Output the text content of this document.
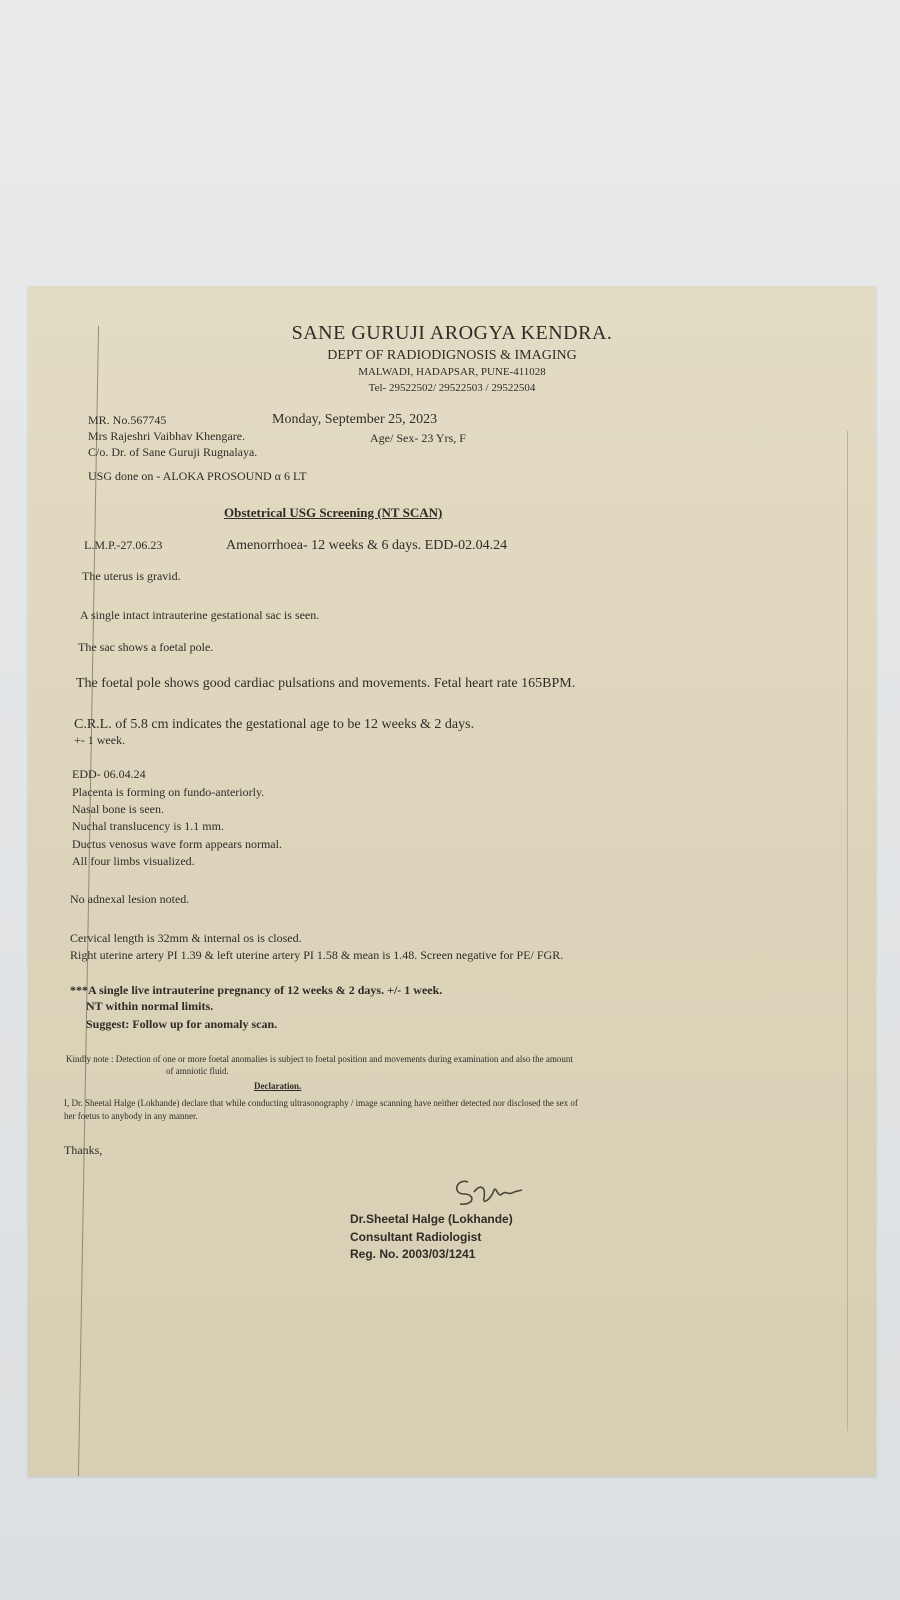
SANE GURUJI AROGYA KENDRA.
DEPT OF RADIODIGNOSIS & IMAGING
MALWADI, HADAPSAR, PUNE-411028
Tel- 29522502/ 29522503 / 29522504
MR. No.567745	Monday, September 25, 2023
Mrs Rajeshri Vaibhav Khengare.	Age/ Sex- 23 Yrs, F
C/o. Dr. of Sane Guruji Rugnalaya.
USG done on - ALOKA PROSOUND α 6 LT
Obstetrical USG Screening (NT SCAN)
L.M.P.-27.06.23	Amenorrhoea- 12 weeks & 6 days. EDD-02.04.24
The uterus is gravid.
A single intact intrauterine gestational sac is seen.
The sac shows a foetal pole.
The foetal pole shows good cardiac pulsations and movements. Fetal heart rate 165BPM.
C.R.L. of 5.8 cm indicates the gestational age to be 12 weeks & 2 days.
+- 1 week.
EDD- 06.04.24
Placenta is forming on fundo-anteriorly.
Nasal bone is seen.
Nuchal translucency is 1.1 mm.
Ductus venosus wave form appears normal.
All four limbs visualized.
No adnexal lesion noted.
Cervical length is 32mm & internal os is closed.
Right uterine artery PI 1.39 & left uterine artery PI 1.58 & mean is 1.48. Screen negative for PE/ FGR.
***A single live intrauterine pregnancy of 12 weeks & 2 days. +/- 1 week.
NT within normal limits.
Suggest: Follow up for anomaly scan.
Kindly note : Detection of one or more foetal anomalies is subject to foetal position and movements during examination and also the amount
of amniotic fluid.
Declaration.
I, Dr. Sheetal Halge (Lokhande) declare that while conducting ultrasonography / image scanning have neither detected nor disclosed the sex of
her foetus to anybody in any manner.
Thanks,
Dr.Sheetal Halge (Lokhande)
Consultant Radiologist
Reg. No. 2003/03/1241
